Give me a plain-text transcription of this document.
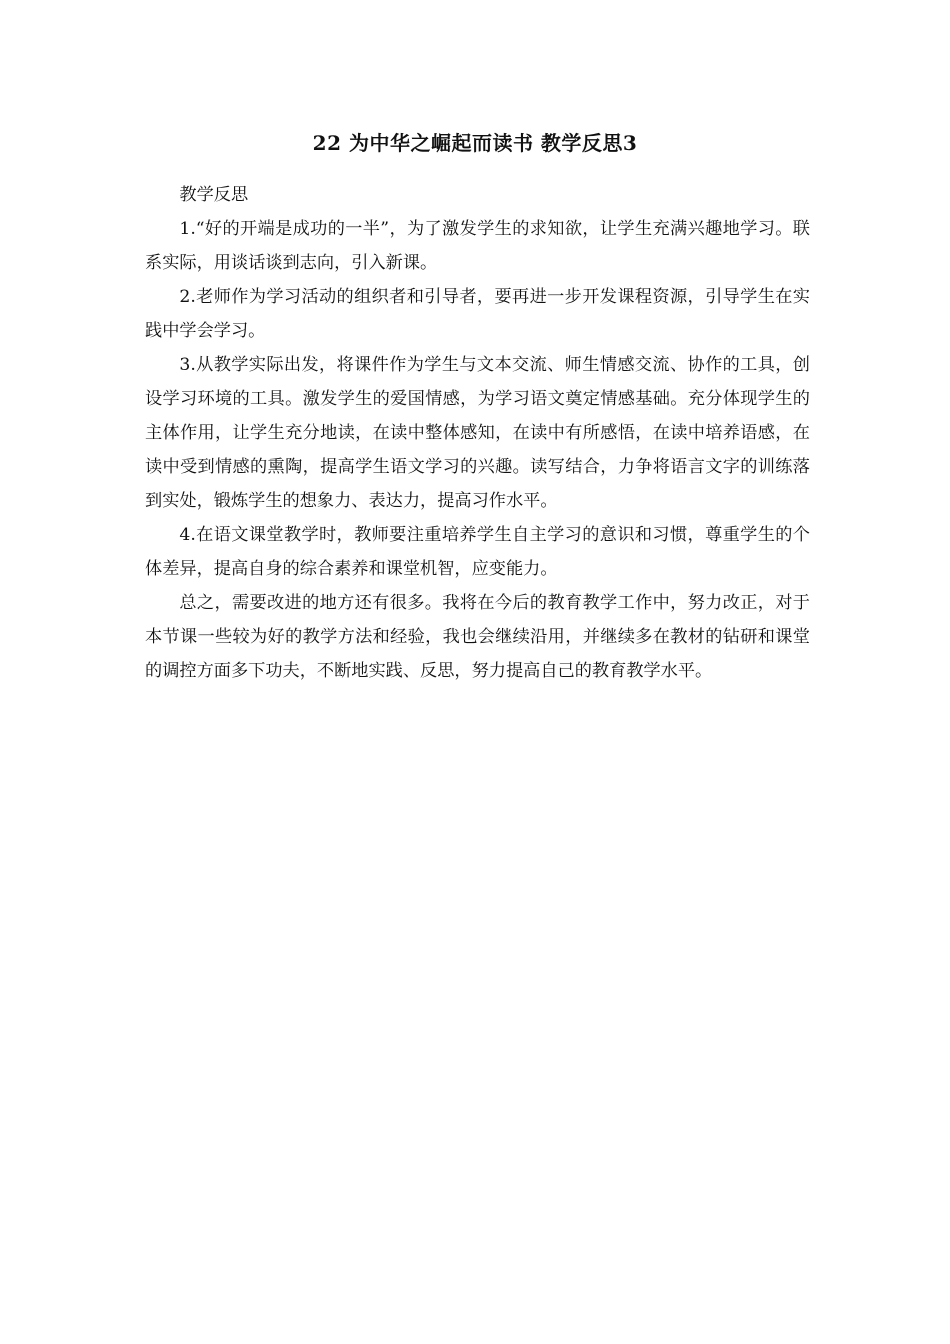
22 为中华之崛起而读书 教学反思3

教学反思

1.“好的开端是成功的一半”，为了激发学生的求知欲，让学生充满兴趣地学习。联系实际，用谈话谈到志向，引入新课。

2.老师作为学习活动的组织者和引导者，要再进一步开发课程资源，引导学生在实践中学会学习。

3.从教学实际出发，将课件作为学生与文本交流、师生情感交流、协作的工具，创设学习环境的工具。激发学生的爱国情感，为学习语文奠定情感基础。充分体现学生的主体作用，让学生充分地读，在读中整体感知，在读中有所感悟，在读中培养语感，在读中受到情感的熏陶，提高学生语文学习的兴趣。读写结合，力争将语言文字的训练落到实处，锻炼学生的想象力、表达力，提高习作水平。

4.在语文课堂教学时，教师要注重培养学生自主学习的意识和习惯，尊重学生的个体差异，提高自身的综合素养和课堂机智，应变能力。

总之，需要改进的地方还有很多。我将在今后的教育教学工作中，努力改正，对于本节课一些较为好的教学方法和经验，我也会继续沿用，并继续多在教材的钻研和课堂的调控方面多下功夫，不断地实践、反思，努力提高自己的教育教学水平。
